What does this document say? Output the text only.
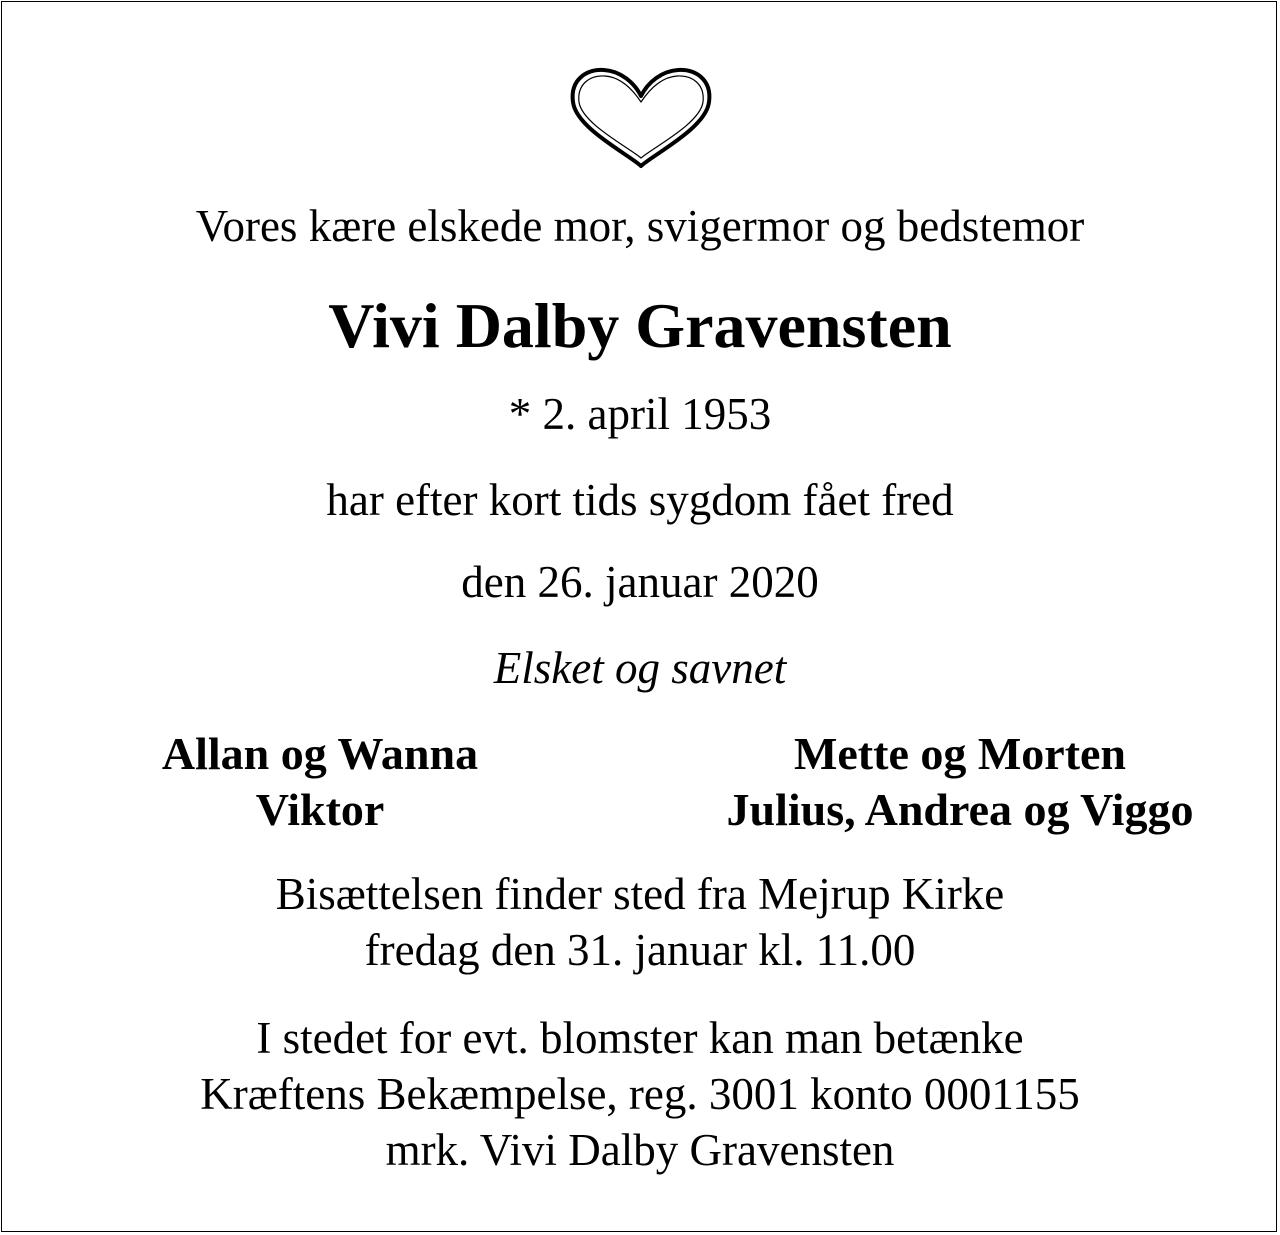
Vores kære elskede mor, svigermor og bedstemor
Vivi Dalby Gravensten
* 2. april 1953
har efter kort tids sygdom fået fred
den 26. januar 2020
Elsket og savnet
Allan og Wanna
Viktor
Mette og Morten
Julius, Andrea og Viggo
Bisættelsen finder sted fra Mejrup Kirke
fredag den 31. januar kl. 11.00
I stedet for evt. blomster kan man betænke
Kræftens Bekæmpelse, reg. 3001 konto 0001155
mrk. Vivi Dalby Gravensten
